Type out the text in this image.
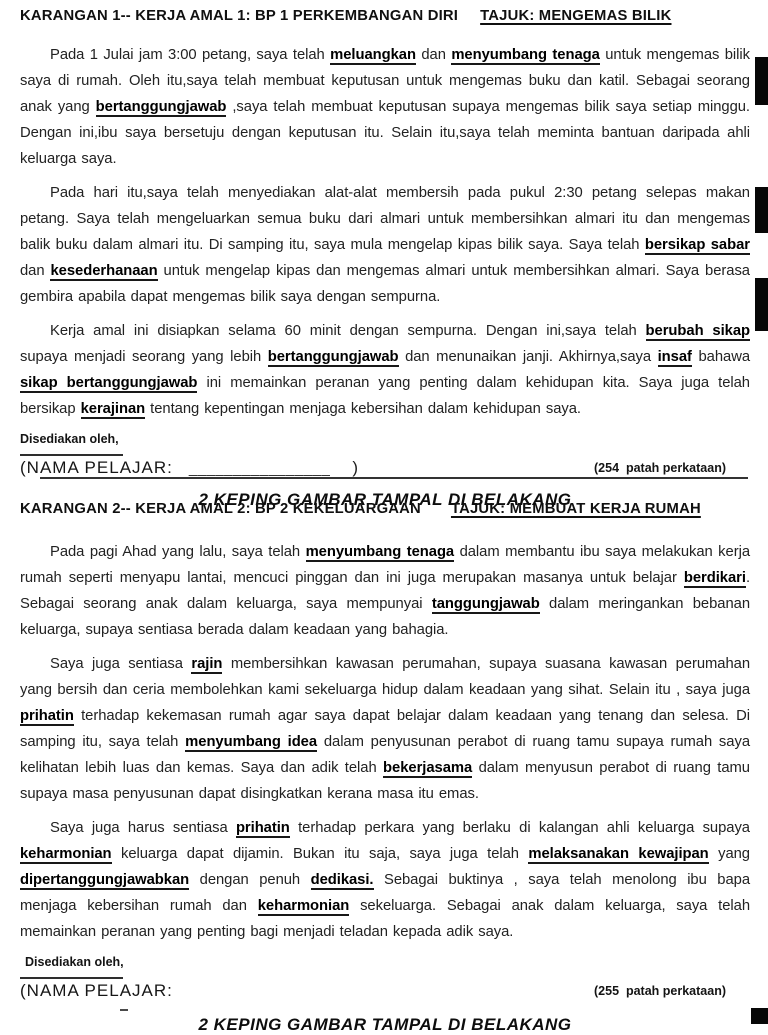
KARANGAN 1-- KERJA AMAL 1: BP 1 PERKEMBANGAN DIRI TAJUK: MENGEMAS BILIK

Pada 1 Julai jam 3:00 petang, saya telah meluangkan dan menyumbang tenaga untuk mengemas bilik saya di rumah. Oleh itu,saya telah membuat keputusan untuk mengemas buku dan katil. Sebagai seorang anak yang bertanggungjawab ,saya telah membuat keputusan supaya mengemas bilik saya setiap minggu. Dengan ini,ibu saya bersetuju dengan keputusan itu. Selain itu,saya telah meminta bantuan daripada ahli keluarga saya.

Pada hari itu,saya telah menyediakan alat-alat membersih pada pukul 2:30 petang selepas makan petang. Saya telah mengeluarkan semua buku dari almari untuk membersihkan almari itu dan mengemas balik buku dalam almari itu. Di samping itu, saya mula mengelap kipas bilik saya. Saya telah bersikap sabar dan kesederhanaan untuk mengelap kipas dan mengemas almari untuk membersihkan almari. Saya berasa gembira apabila dapat mengemas bilik saya dengan sempurna.

Kerja amal ini disiapkan selama 60 minit dengan sempurna. Dengan ini,saya telah berubah sikap supaya menjadi seorang yang lebih bertanggungjawab dan menunaikan janji. Akhirnya,saya insaf bahawa sikap bertanggungjawab ini memainkan peranan yang penting dalam kehidupan kita. Saya juga telah bersikap kerajinan tentang kepentingan menjaga kebersihan dalam kehidupan saya.

Disediakan oleh,
(NAMA PELAJAR: ________________ )	(254  patah perkataan)
2 KEPING GAMBAR TAMPAL DI BELAKANG
KARANGAN 2-- KERJA AMAL 2: BP 2 KEKELUARGAAN TAJUK: MEMBUAT KERJA RUMAH

Pada pagi Ahad yang lalu, saya telah menyumbang tenaga dalam membantu ibu saya melakukan kerja rumah seperti menyapu lantai, mencuci pinggan dan ini juga merupakan masanya untuk belajar berdikari. Sebagai seorang anak dalam keluarga, saya mempunyai tanggungjawab dalam meringankan bebanan keluarga, supaya sentiasa berada dalam keadaan yang bahagia.

Saya juga sentiasa rajin membersihkan kawasan perumahan, supaya suasana kawasan perumahan yang bersih dan ceria membolehkan kami sekeluarga hidup dalam keadaan yang sihat. Selain itu , saya juga prihatin terhadap kekemasan rumah agar saya dapat belajar dalam keadaan yang tenang dan selesa. Di samping itu, saya telah menyumbang idea dalam penyusunan perabot di ruang tamu supaya rumah saya kelihatan lebih luas dan kemas. Saya dan adik telah bekerjasama dalam menyusun perabot di ruang tamu supaya masa penyusunan dapat disingkatkan kerana masa itu emas.

Saya juga harus sentiasa prihatin terhadap perkara yang berlaku di kalangan ahli keluarga supaya keharmonian keluarga dapat dijamin. Bukan itu saja, saya juga telah melaksanakan kewajipan yang dipertanggungjawabkan dengan penuh dedikasi. Sebagai buktinya , saya telah menolong ibu bapa menjaga kebersihan rumah dan keharmonian sekeluarga. Sebagai anak dalam keluarga, saya telah memainkan peranan yang penting bagi menjadi teladan kepada adik saya.

Disediakan oleh,
(NAMA PELAJAR:	(255  patah perkataan)
2 KEPING GAMBAR TAMPAL DI BELAKANG
